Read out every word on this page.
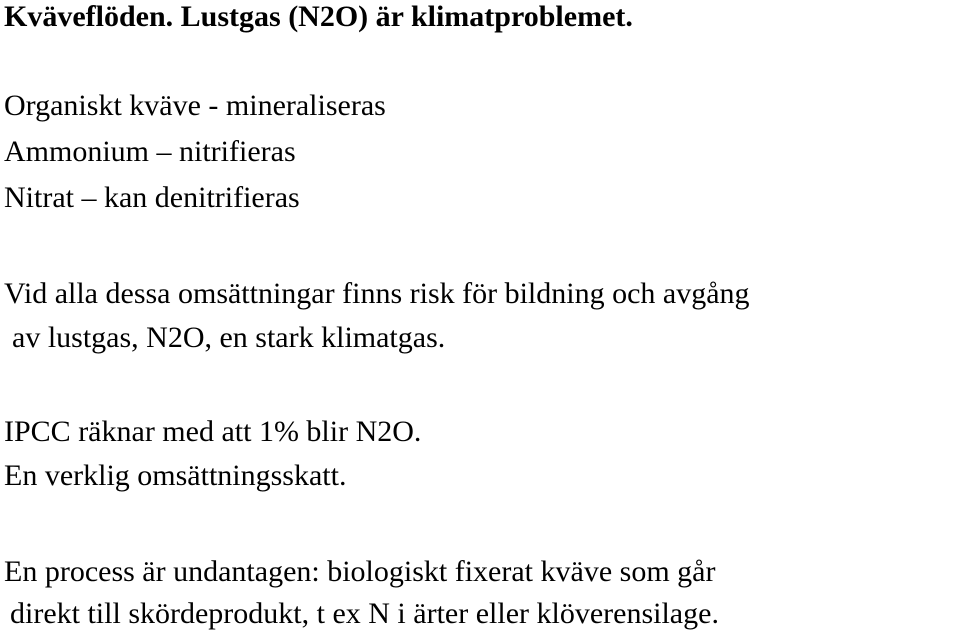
Kväveflöden. Lustgas (N2O) är klimatproblemet.
Organiskt kväve - mineraliseras
Ammonium – nitrifieras
Nitrat – kan denitrifieras
Vid alla dessa omsättningar finns risk för bildning och avgång
av lustgas, N2O, en stark klimatgas.
IPCC räknar med att 1% blir N2O.
En verklig omsättningsskatt.
En process är undantagen: biologiskt fixerat kväve som går
direkt till skördeprodukt, t ex N i ärter eller klöverensilage.
